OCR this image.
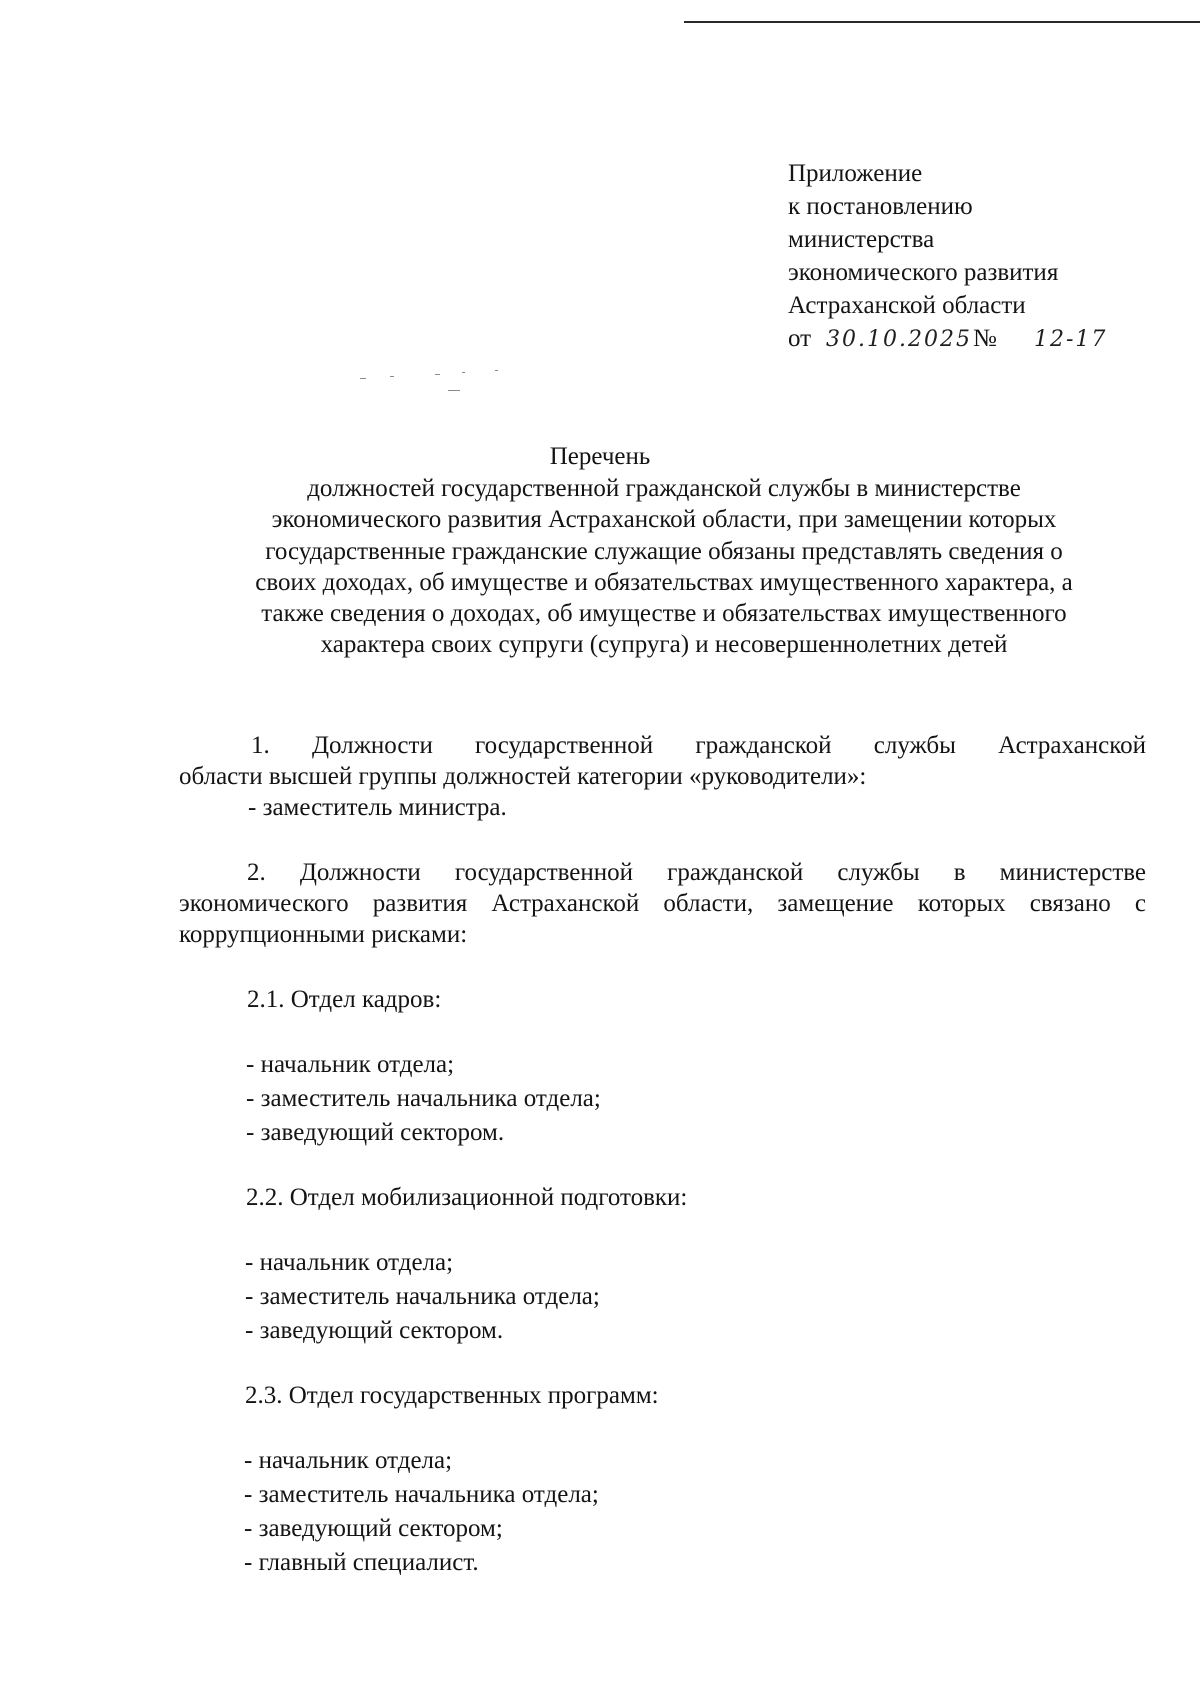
Приложение
к постановлению
министерства
экономического развития
Астраханской области
от 30.10.2025 № 12-17
Перечень
должностей государственной гражданской службы в министерстве
экономического развития Астраханской области, при замещении которых
государственные гражданские служащие обязаны представлять сведения о
своих доходах, об имуществе и обязательствах имущественного характера, а
также сведения о доходах, об имуществе и обязательствах имущественного
характера своих супруги (супруга) и несовершеннолетних детей
1. Должности государственной гражданской службы Астраханской
области высшей группы должностей категории «руководители»:
- заместитель министра.
2. Должности государственной гражданской службы в министерстве
экономического развития Астраханской области, замещение которых связано с
коррупционными рисками:
2.1. Отдел кадров:
- начальник отдела;
- заместитель начальника отдела;
- заведующий сектором.
2.2. Отдел мобилизационной подготовки:
- начальник отдела;
- заместитель начальника отдела;
- заведующий сектором.
2.3. Отдел государственных программ:
- начальник отдела;
- заместитель начальника отдела;
- заведующий сектором;
- главный специалист.
